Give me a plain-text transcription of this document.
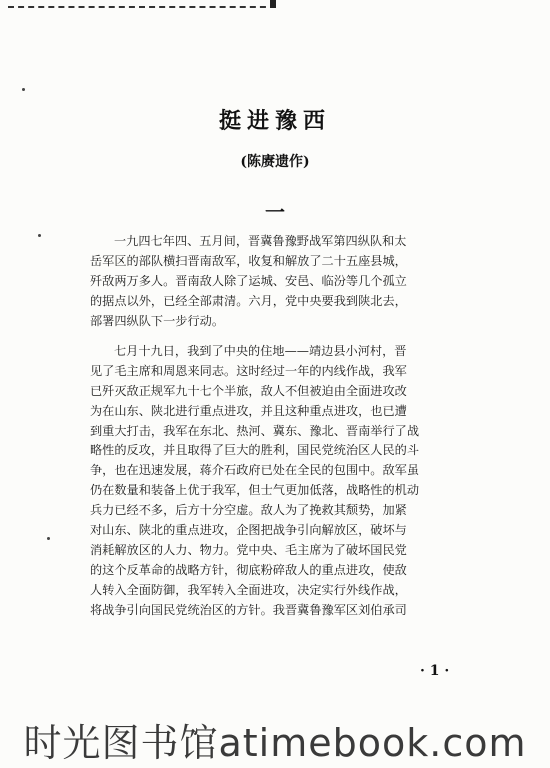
挺进豫西
(陈赓遗作)
一
一九四七年四、五月间，晋冀鲁豫野战军第四纵队和太
岳军区的部队横扫晋南敌军，收复和解放了二十五座县城，
歼敌两万多人。晋南敌人除了运城、安邑、临汾等几个孤立
的据点以外，已经全部肃清。六月，党中央要我到陕北去，
部署四纵队下一步行动。
七月十九日，我到了中央的住地——靖边县小河村，晋
见了毛主席和周恩来同志。这时经过一年的内线作战，我军
已歼灭敌正规军九十七个半旅，敌人不但被迫由全面进攻改
为在山东、陕北进行重点进攻，并且这种重点进攻，也已遭
到重大打击，我军在东北、热河、冀东、豫北、晋南举行了战
略性的反攻，并且取得了巨大的胜利，国民党统治区人民的斗
争，也在迅速发展，蒋介石政府已处在全民的包围中。敌军虽
仍在数量和装备上优于我军，但士气更加低落，战略性的机动
兵力已经不多，后方十分空虚。敌人为了挽救其颓势，加紧
对山东、陕北的重点进攻，企图把战争引向解放区，破坏与
消耗解放区的人力、物力。党中央、毛主席为了破坏国民党
的这个反革命的战略方针，彻底粉碎敌人的重点进攻，使敌
人转入全面防御，我军转入全面进攻，决定实行外线作战，
将战争引向国民党统治区的方针。我晋冀鲁豫军区刘伯承司
· 1 ·
时光图书馆atimebook.com
